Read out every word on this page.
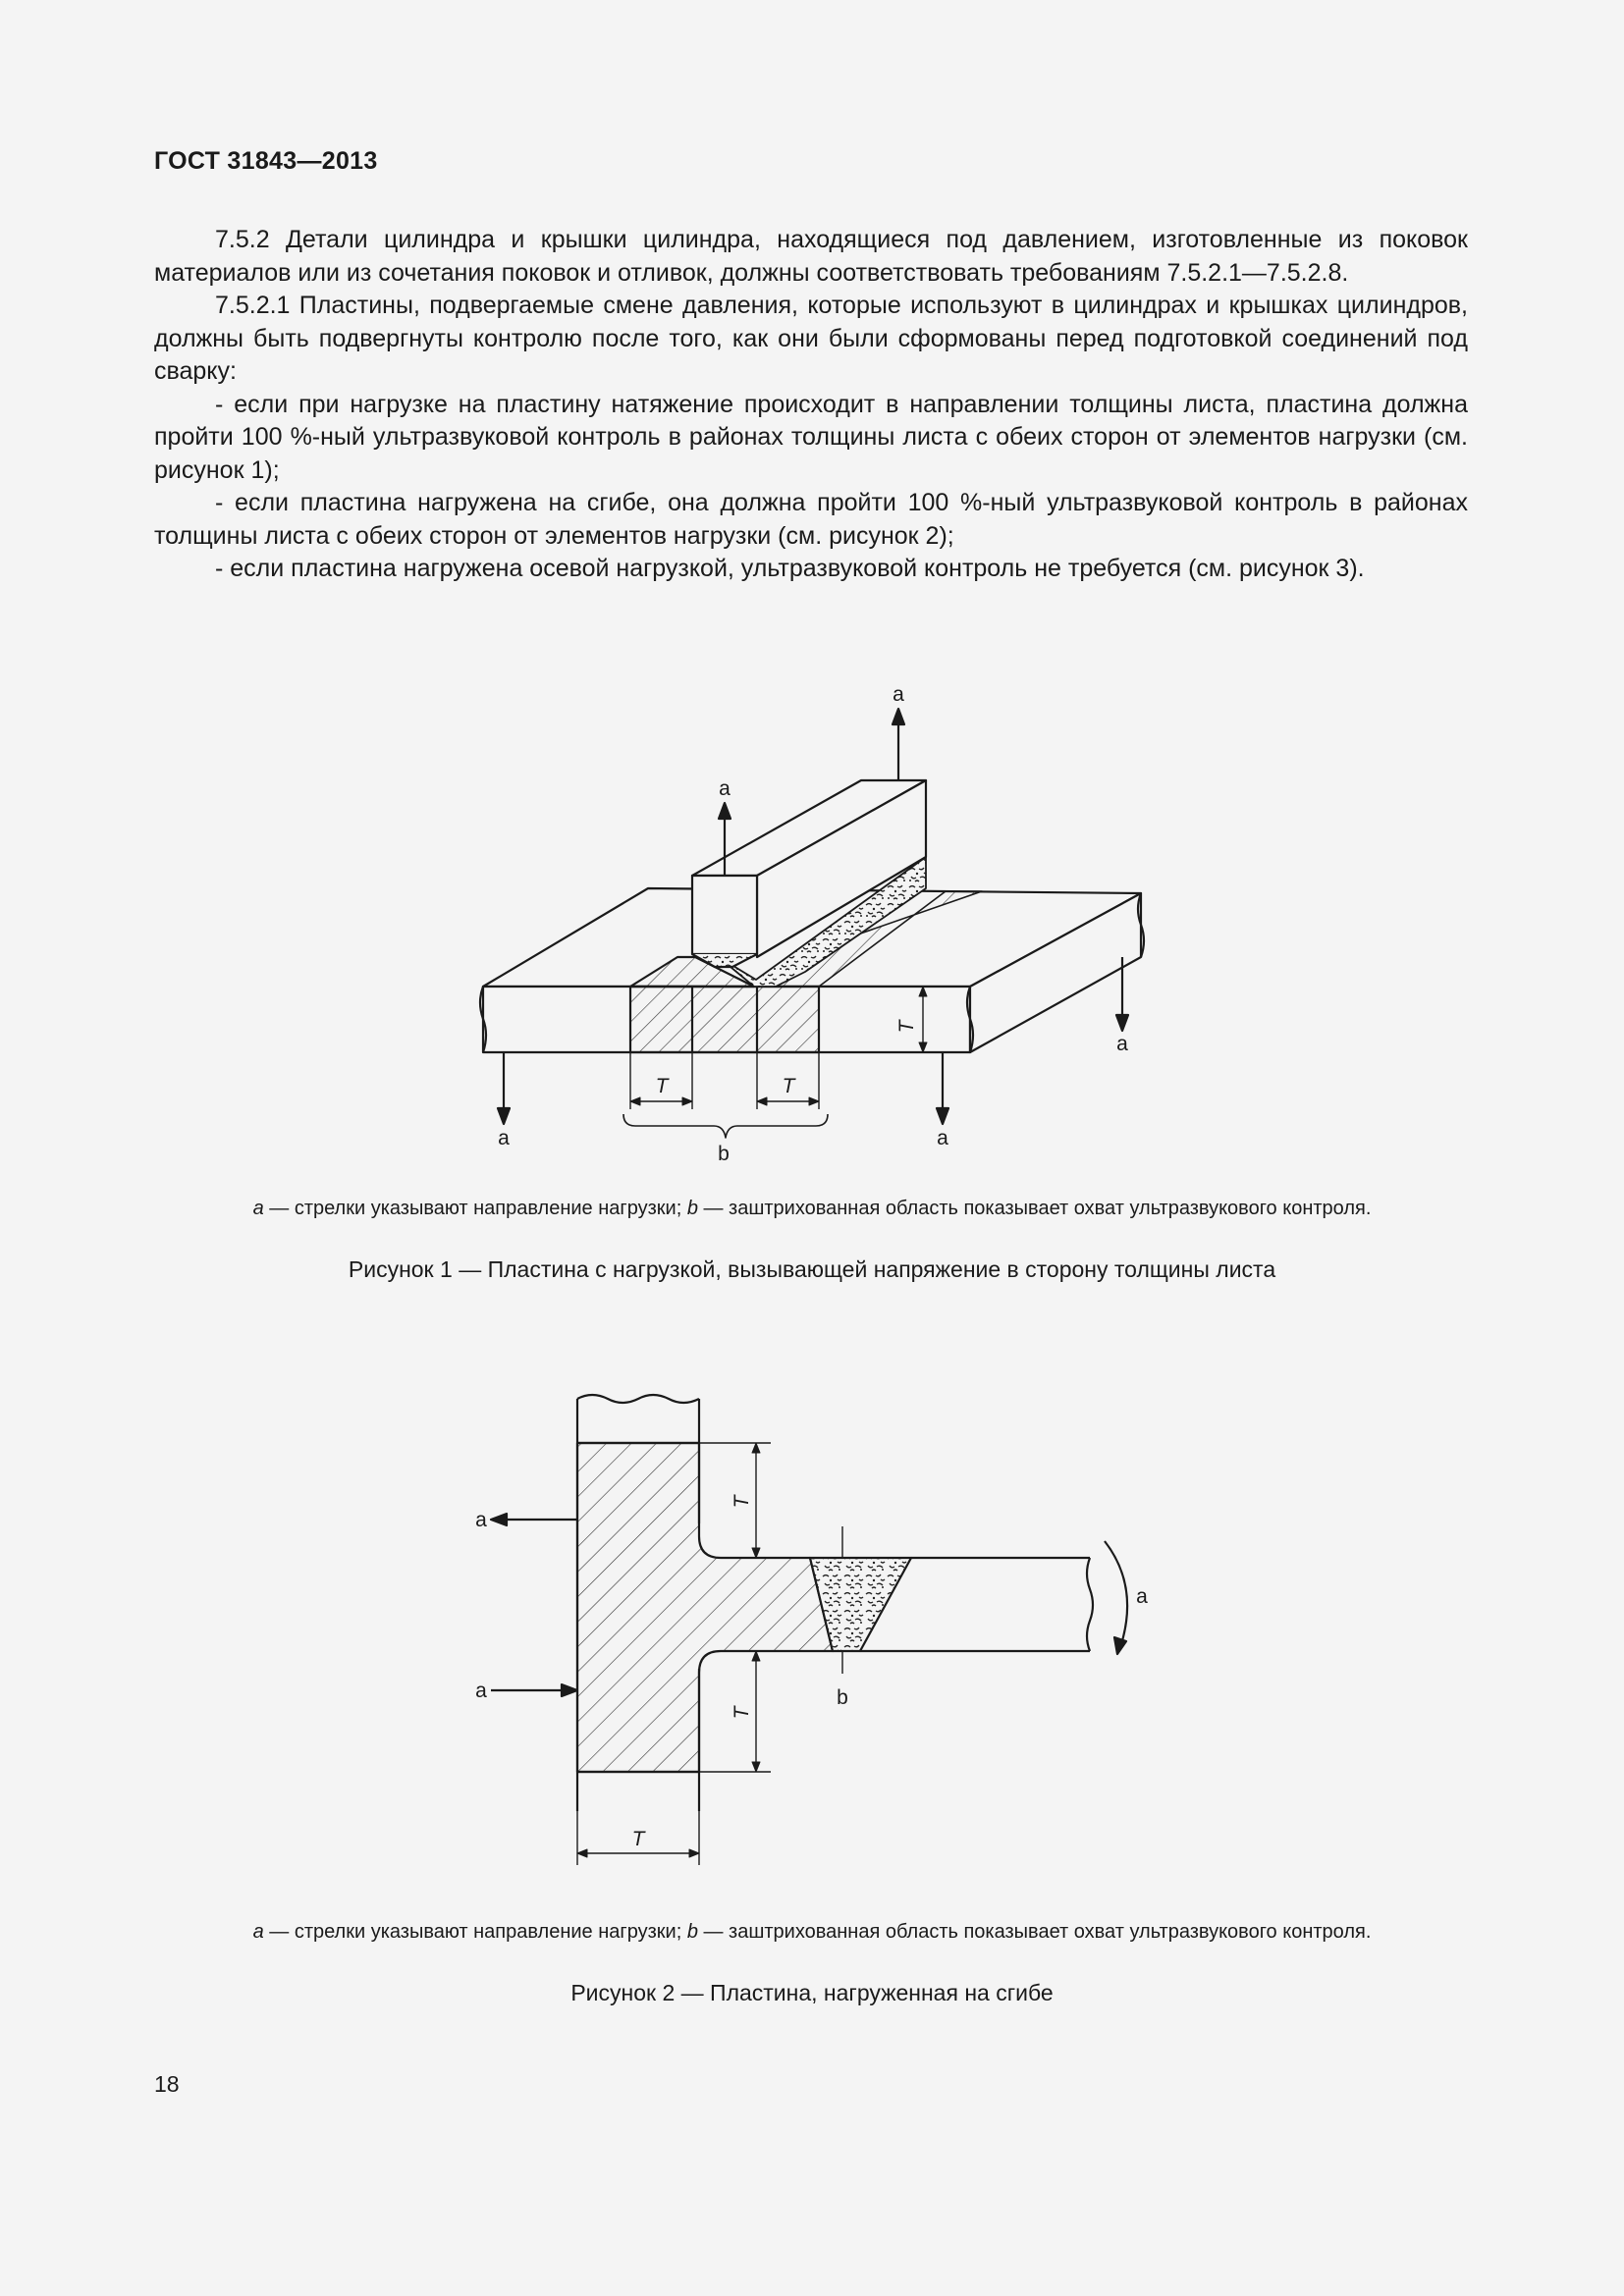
ГОСТ 31843—2013

7.5.2 Детали цилиндра и крышки цилиндра, находящиеся под давлением, изготовленные из поковок материалов или из сочетания поковок и отливок, должны соответствовать требованиям 7.5.2.1—7.5.2.8.

7.5.2.1 Пластины, подвергаемые смене давления, которые используют в цилиндрах и крышках цилиндров, должны быть подвергнуты контролю после того, как они были сформованы перед подготовкой соединений под сварку:

- если при нагрузке на пластину натяжение происходит в направлении толщины листа, пластина должна пройти 100 %-ный ультразвуковой контроль в районах толщины листа с обеих сторон от элементов нагрузки (см. рисунок 1);

- если пластина нагружена на сгибе, она должна пройти 100 %-ный ультразвуковой контроль в районах толщины листа с обеих сторон от элементов нагрузки (см. рисунок 2);

- если пластина нагружена осевой нагрузкой, ультразвуковой контроль не требуется (см. рисунок 3).

a
a
a	a
a
b
T	T
T
a — стрелки указывают направление нагрузки; b — заштрихованная область показывает охват ультразвукового контроля.
Рисунок 1 — Пластина с нагрузкой, вызывающей напряжение в сторону толщины листа
a
a
a
b
T
T
T
a — стрелки указывают направление нагрузки; b — заштрихованная область показывает охват ультразвукового контроля.
Рисунок 2 — Пластина, нагруженная на сгибе
18
